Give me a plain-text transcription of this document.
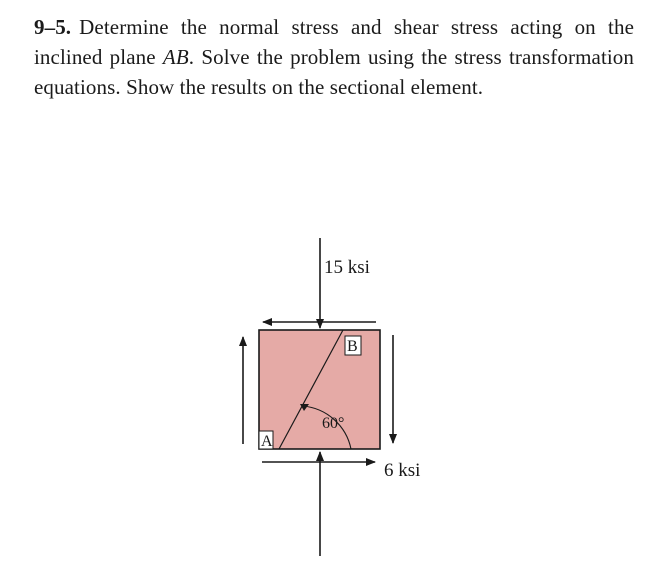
9–5. Determine the normal stress and shear stress acting on the inclined plane AB. Solve the problem using the stress transformation equations. Show the results on the sectional element.
15 ksi
6 ksi
60°
A
B
